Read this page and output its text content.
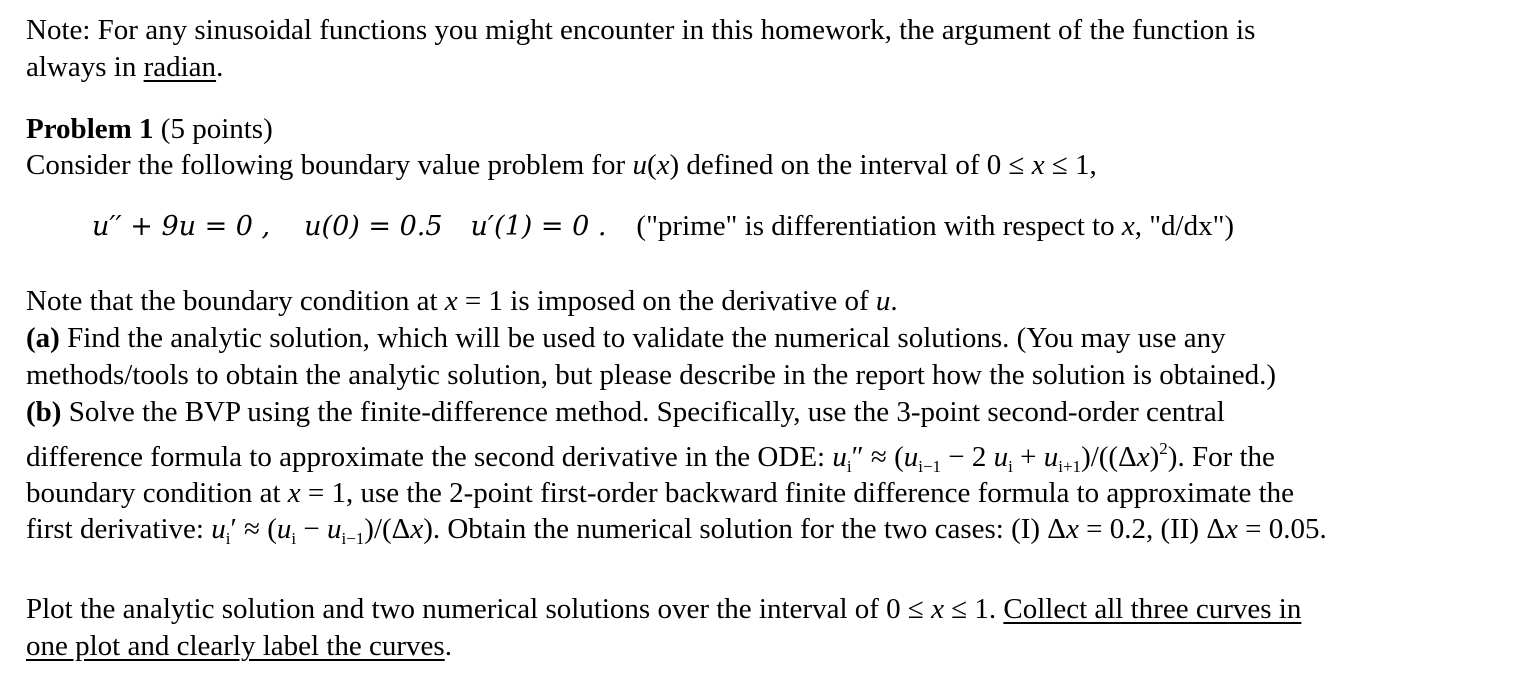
Note: For any sinusoidal functions you might encounter in this homework, the argument of the function is
always in radian.
Problem 1 (5 points)
Consider the following boundary value problem for u(x) defined on the interval of 0 ≤ x ≤ 1,
u′′ + 9u = 0 , u(0) = 0.5 u′(1) = 0 . ("prime" is differentiation with respect to x, "d/dx")
Note that the boundary condition at x = 1 is imposed on the derivative of u.
(a) Find the analytic solution, which will be used to validate the numerical solutions. (You may use any
methods/tools to obtain the analytic solution, but please describe in the report how the solution is obtained.)
(b) Solve the BVP using the finite-difference method. Specifically, use the 3-point second-order central
difference formula to approximate the second derivative in the ODE: $u_i'' \approx (u_{i-1} - 2$ $u_i + u_{i+1})/((\Delta x)^2)$. For the
boundary condition at x = 1, use the 2-point first-order backward finite difference formula to approximate the
first derivative: $u_i' \approx (u_i - u_{i-1})/(\Delta x)$. Obtain the numerical solution for the two cases: (I) Δx = 0.2, (II) Δx = 0.05.
Plot the analytic solution and two numerical solutions over the interval of 0 ≤ x ≤ 1. Collect all three curves in
one plot and clearly label the curves.
